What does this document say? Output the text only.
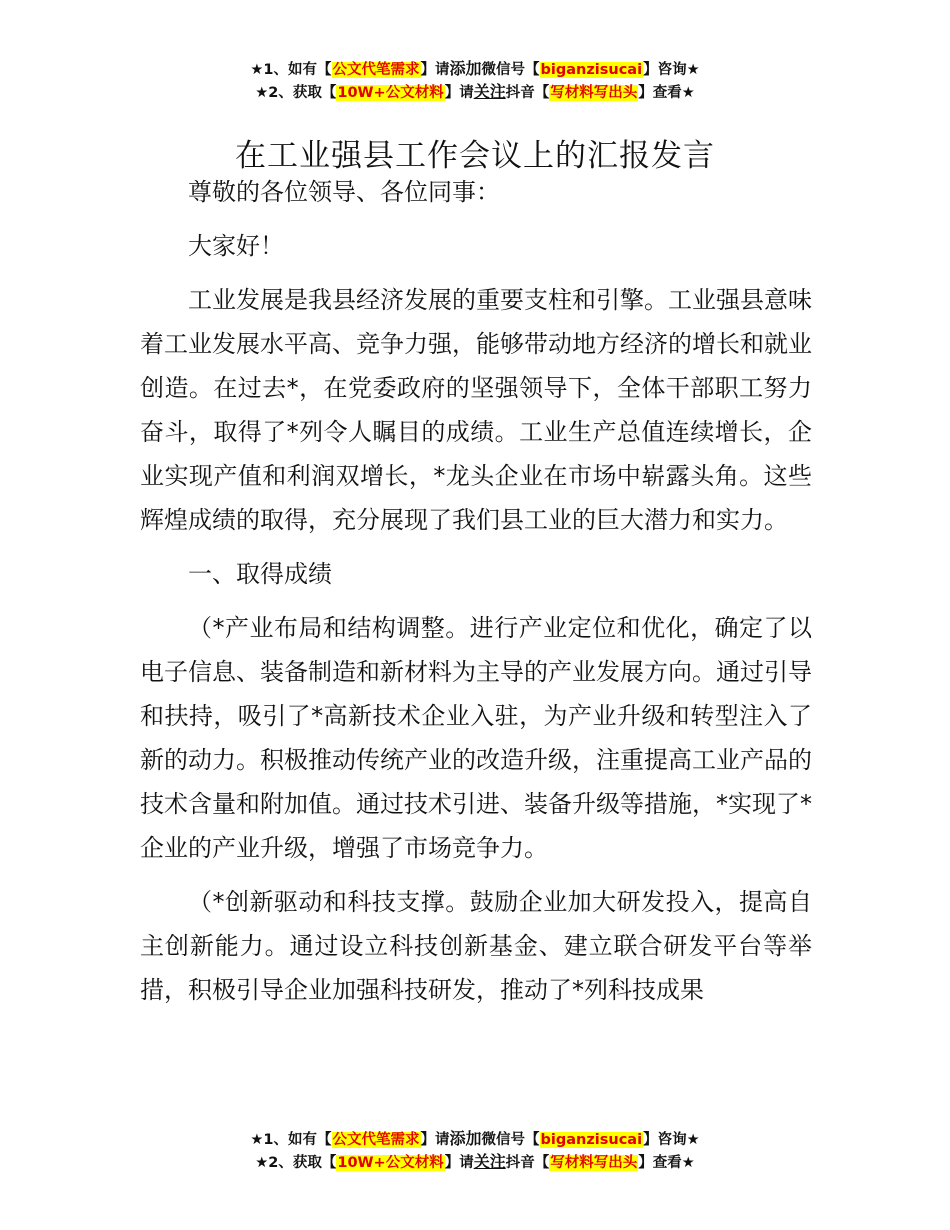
★1、如有【公文代笔需求】请添加微信号【biganzisucai】咨询★
★2、获取【10W+公文材料】请关注抖音【写材料写出头】查看★
在工业强县工作会议上的汇报发言

尊敬的各位领导、各位同事：

大家好！

工业发展是我县经济发展的重要支柱和引擎。工业强县意味着工业发展水平高、竞争力强，能够带动地方经济的增长和就业创造。在过去*，在党委政府的坚强领导下，全体干部职工努力奋斗，取得了*列令人瞩目的成绩。工业生产总值连续增长，企业实现产值和利润双增长，*龙头企业在市场中崭露头角。这些辉煌成绩的取得，充分展现了我们县工业的巨大潜力和实力。

一、取得成绩

（*产业布局和结构调整。进行产业定位和优化，确定了以电子信息、装备制造和新材料为主导的产业发展方向。通过引导和扶持，吸引了*高新技术企业入驻，为产业升级和转型注入了新的动力。积极推动传统产业的改造升级，注重提高工业产品的技术含量和附加值。通过技术引进、装备升级等措施，*实现了*企业的产业升级，增强了市场竞争力。

（*创新驱动和科技支撑。鼓励企业加大研发投入，提高自主创新能力。通过设立科技创新基金、建立联合研发平台等举措，积极引导企业加强科技研发，推动了*列科技成果

★1、如有【公文代笔需求】请添加微信号【biganzisucai】咨询★
★2、获取【10W+公文材料】请关注抖音【写材料写出头】查看★
